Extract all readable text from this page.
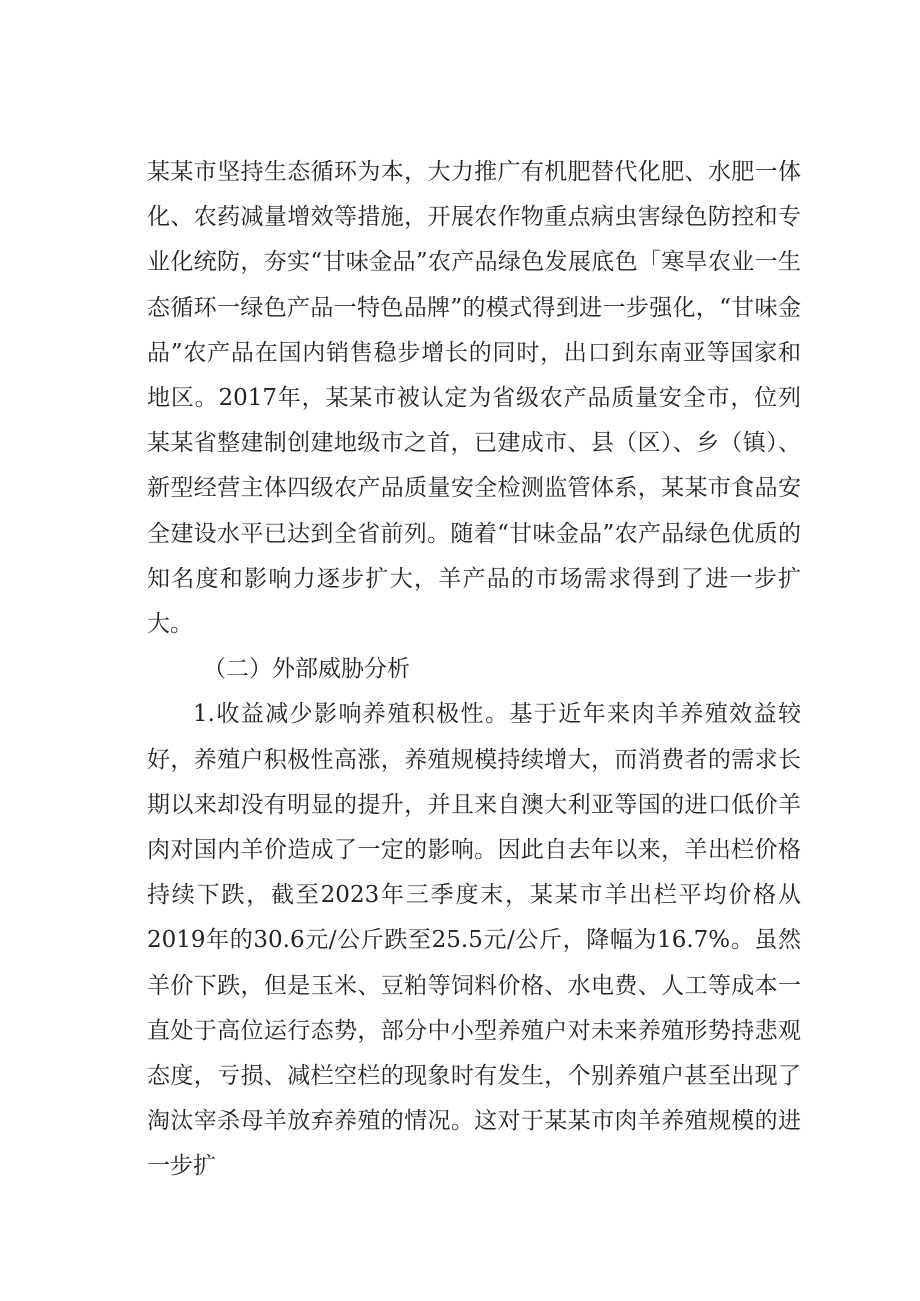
某某市坚持生态循环为本，大力推广有机肥替代化肥、水肥一体化、农药减量增效等措施，开展农作物重点病虫害绿色防控和专业化统防，夯实“甘味金品”农产品绿色发展底色「寒旱农业一生态循环一绿色产品一特色品牌”的模式得到进一步强化，“甘味金品”农产品在国内销售稳步增长的同时，出口到东南亚等国家和地区。2017年，某某市被认定为省级农产品质量安全市，位列某某省整建制创建地级市之首，已建成市、县（区）、乡（镇）、新型经营主体四级农产品质量安全检测监管体系，某某市食品安全建设水平已达到全省前列。随着“甘味金品”农产品绿色优质的知名度和影响力逐步扩大，羊产品的市场需求得到了进一步扩大。

（二）外部威胁分析

1.收益减少影响养殖积极性。基于近年来肉羊养殖效益较好，养殖户积极性高涨，养殖规模持续增大，而消费者的需求长期以来却没有明显的提升，并且来自澳大利亚等国的进口低价羊肉对国内羊价造成了一定的影响。因此自去年以来，羊出栏价格持续下跌，截至2023年三季度末，某某市羊出栏平均价格从2019年的30.6元/公斤跌至25.5元/公斤，降幅为16.7%。虽然羊价下跌，但是玉米、豆粕等饲料价格、水电费、人工等成本一直处于高位运行态势，部分中小型养殖户对未来养殖形势持悲观态度，亏损、减栏空栏的现象时有发生，个别养殖户甚至出现了淘汰宰杀母羊放弃养殖的情况。这对于某某市肉羊养殖规模的进一步扩
